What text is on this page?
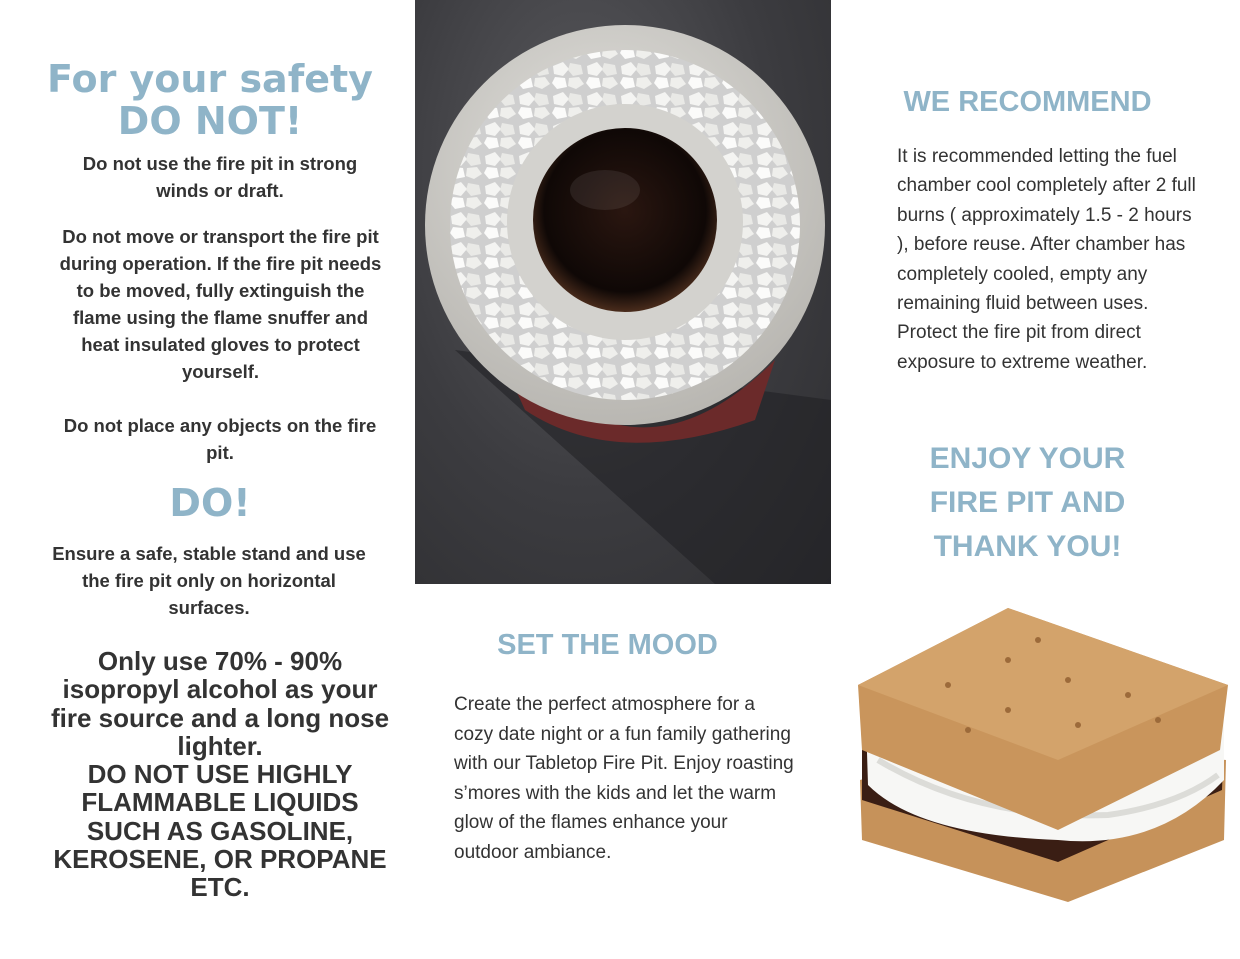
For your safety
DO NOT!

Do not use the fire pit in strong winds or draft.

Do not move or transport the fire pit during operation. If the fire pit needs to be moved, fully extinguish the flame using the flame snuffer and heat insulated gloves to protect yourself.

Do not place any objects on the fire pit.

DO!

Ensure a safe, stable stand and use the fire pit only on horizontal surfaces.

Only use 70% - 90% isopropyl alcohol as your fire source and a long nose lighter.
DO NOT USE HIGHLY FLAMMABLE LIQUIDS SUCH AS GASOLINE, KEROSENE, OR PROPANE ETC.

SET THE MOOD

Create the perfect atmosphere for a cozy date night or a fun family gathering with our Tabletop Fire Pit. Enjoy roasting s’mores with the kids and let the warm glow of the flames enhance your outdoor ambiance.

WE RECOMMEND

It is recommended letting the fuel chamber cool completely after 2 full burns ( approximately 1.5 - 2 hours ), before reuse. After chamber has completely cooled, empty any remaining fluid between uses. Protect the fire pit from direct exposure to extreme weather.

ENJOY YOUR
FIRE PIT AND
THANK YOU!
